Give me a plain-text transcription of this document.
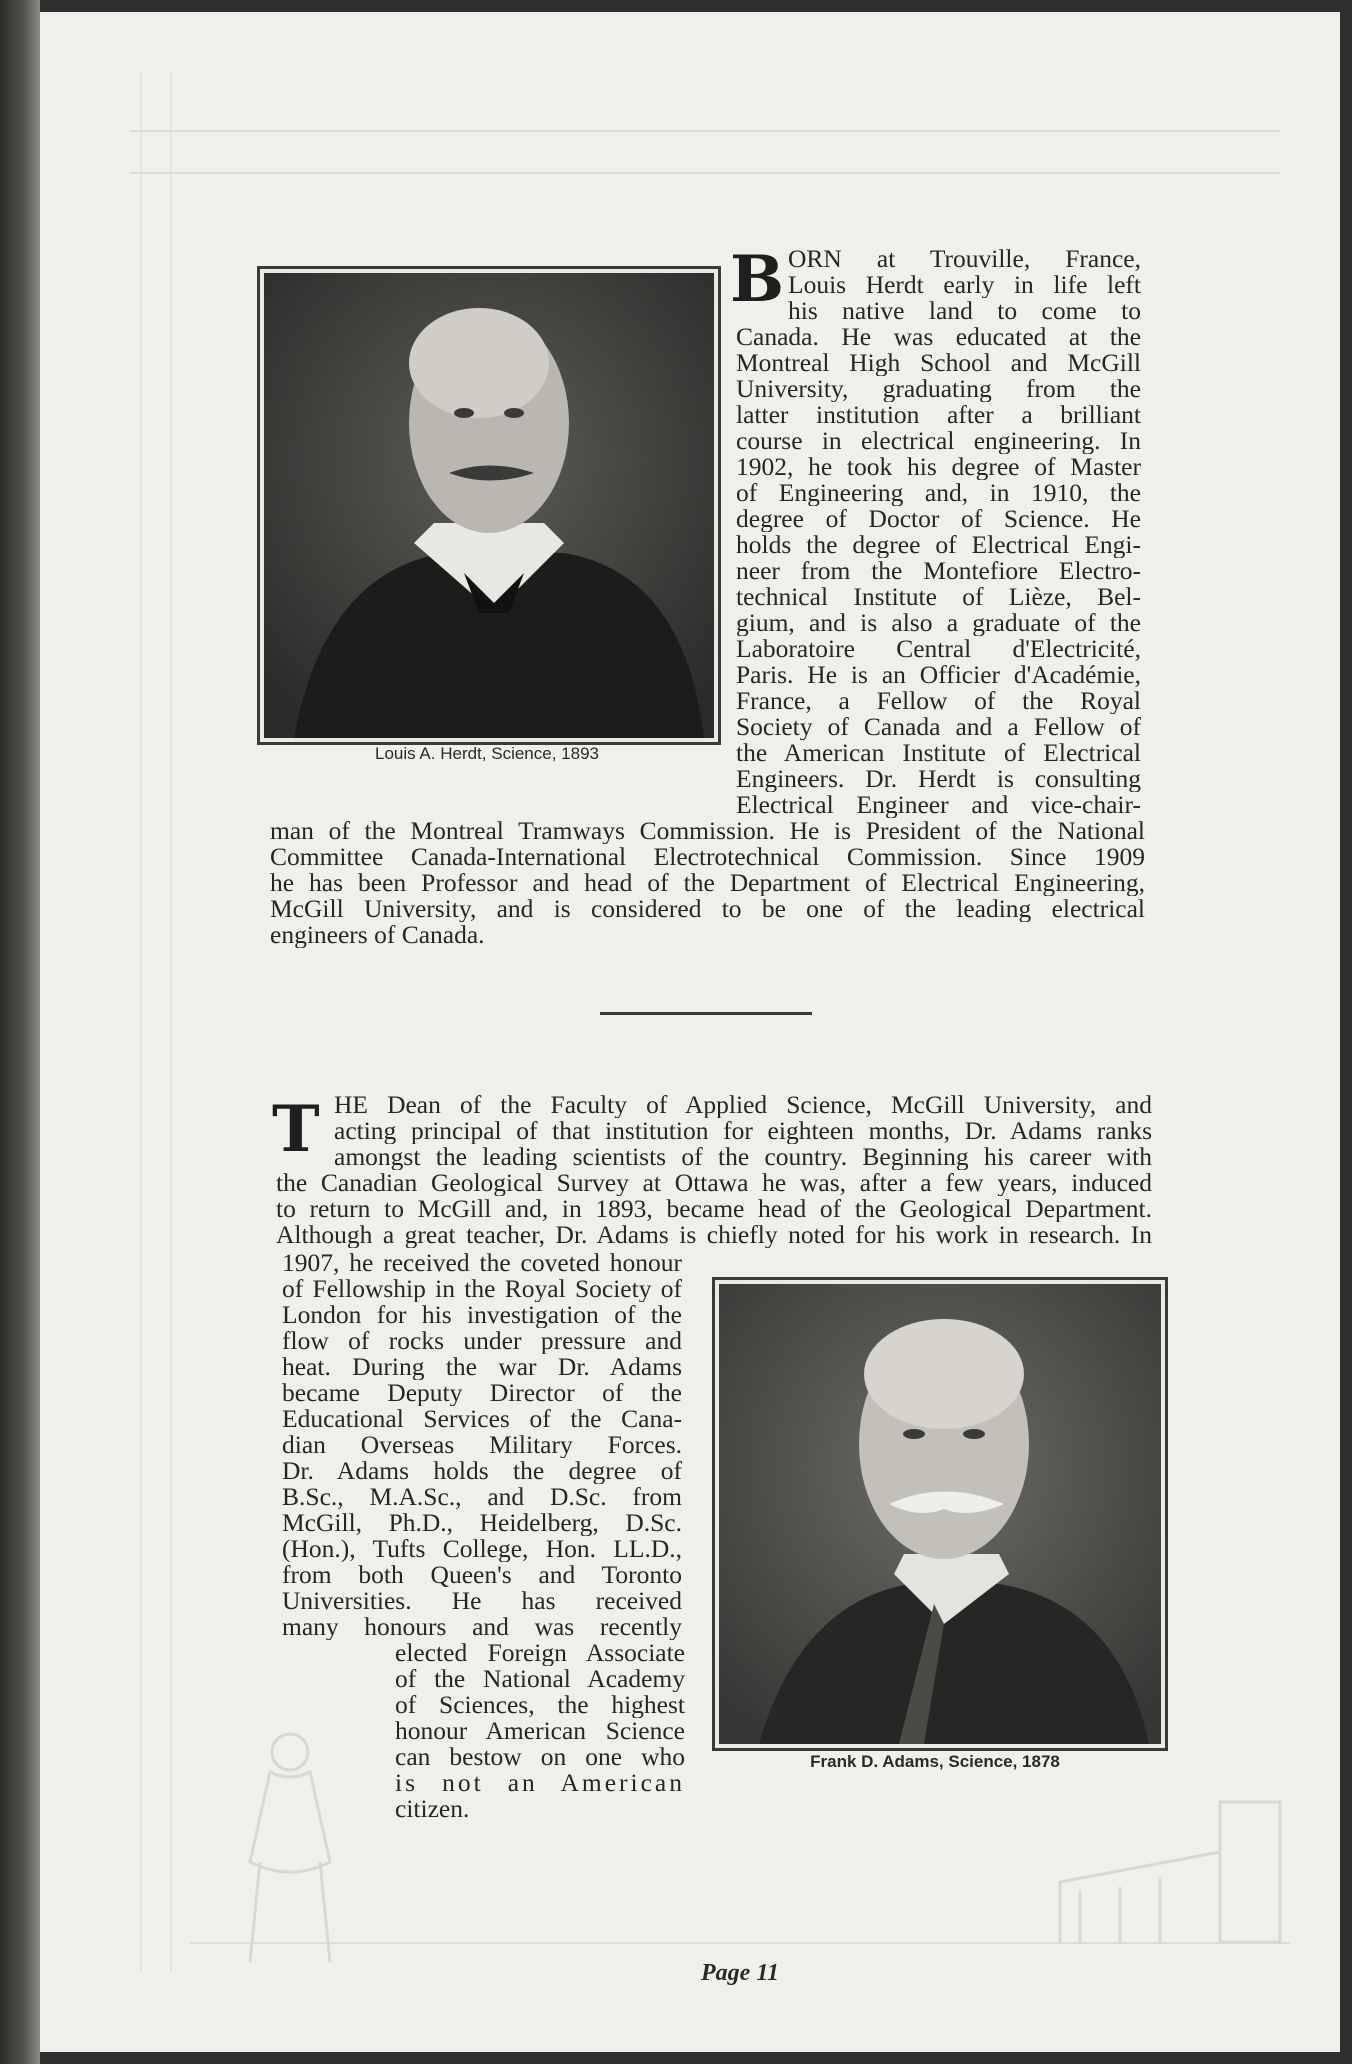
Louis A. Herdt, Science, 1893
B ORN at Trouville, France,
Louis Herdt early in life left
his native land to come to
Canada. He was educated at the
Montreal High School and McGill
University, graduating from the
latter institution after a brilliant
course in electrical engineering. In
1902, he took his degree of Master
of Engineering and, in 1910, the
degree of Doctor of Science. He
holds the degree of Electrical Engi-
neer from the Montefiore Electro-
technical Institute of Lièze, Bel-
gium, and is also a graduate of the
Laboratoire Central d'Electricité,
Paris. He is an Officier d'Académie,
France, a Fellow of the Royal
Society of Canada and a Fellow of
the American Institute of Electrical
Engineers. Dr. Herdt is consulting
Electrical Engineer and vice-chair-
man of the Montreal Tramways Commission. He is President of the National
Committee Canada-International Electrotechnical Commission. Since 1909
he has been Professor and head of the Department of Electrical Engineering,
McGill University, and is considered to be one of the leading electrical
engineers of Canada.
T HE Dean of the Faculty of Applied Science, McGill University, and
acting principal of that institution for eighteen months, Dr. Adams ranks
amongst the leading scientists of the country. Beginning his career with
the Canadian Geological Survey at Ottawa he was, after a few years, induced
to return to McGill and, in 1893, became head of the Geological Department.
Although a great teacher, Dr. Adams is chiefly noted for his work in research. In
1907, he received the coveted honour
of Fellowship in the Royal Society of
London for his investigation of the
flow of rocks under pressure and
heat. During the war Dr. Adams
became Deputy Director of the
Educational Services of the Cana-
dian Overseas Military Forces.
Dr. Adams holds the degree of
B.Sc., M.A.Sc., and D.Sc. from
McGill, Ph.D., Heidelberg, D.Sc.
(Hon.), Tufts College, Hon. LL.D.,
from both Queen's and Toronto
Universities. He has received
many honours and was recently
elected Foreign Associate
of the National Academy
of Sciences, the highest
honour American Science
can bestow on one who
is not an American
citizen.
Frank D. Adams, Science, 1878
Page 11
